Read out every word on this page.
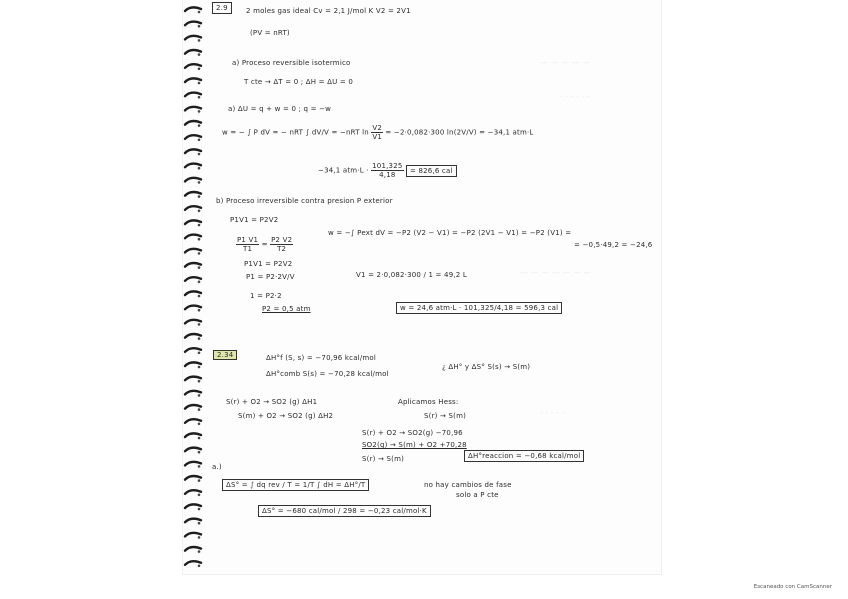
— — — — —
- - - - - -
— — — — — — —
- - - - -
2.9	2 moles gas ideal Cv = 2,1 J/mol K V2 = 2V1
(PV = nRT)
a) Proceso reversible isotermico
T cte → ΔT = 0 ; ΔH = ΔU = 0
a) ΔU = q + w = 0 ; q = −w
w = − ∫ P dV = − nRT ∫ dV/V = −nRT $\ln \frac{V2}{V1} = -2\cdot 0,082\cdot 300$ ln(2V/V) = −34,1 atm·L
−34,1 $atm\cdot L \cdot \frac{101,325}{4,18} = 826,6$ cal
b) Proceso irreversible contra presion P exterior
P1V1 = P2V2
$\frac{P1 V1}{T1} = \frac{P2 V2}{T2}$
w = −∫ Pext dV = −P2 (V2 − V1) = −P2 (2V1 − V1) = −P2 (V1) =
= −0,5·49,2 = −24,6
P1V1 = P2V2
P1 = P2·2V/V	V1 = 2·0,082·300 / 1 = 49,2 L
1 = P2·2
P2 = 0,5 atm	w = 24,6 atm·L · 101,325/4,18 = 596,3 cal
2.34	ΔH°f (S, s) = −70,96 kcal/mol
ΔH°comb S(s) = −70,28 kcal/mol
¿ ΔH° y ΔS° S(s) → S(m)
S(r) + O2 → SO2 (g) ΔH1
S(m) + O2 → SO2 (g) ΔH2
Aplicamos Hess:
S(r) → S(m)
S(r) + O2 → SO2(g) −70,96
SO2(g) → S(m) + O2 +70,28
S(r) → S(m)	ΔH°reaccion = −0,68 kcal/mol
a.)
ΔS° = ∫ dq rev / T = 1/T ∫ dH = ΔH°/T	no hay cambios de fase
solo a P cte
ΔS° = −680 cal/mol / 298 = −0,23 cal/mol·K
Escaneado con CamScanner
